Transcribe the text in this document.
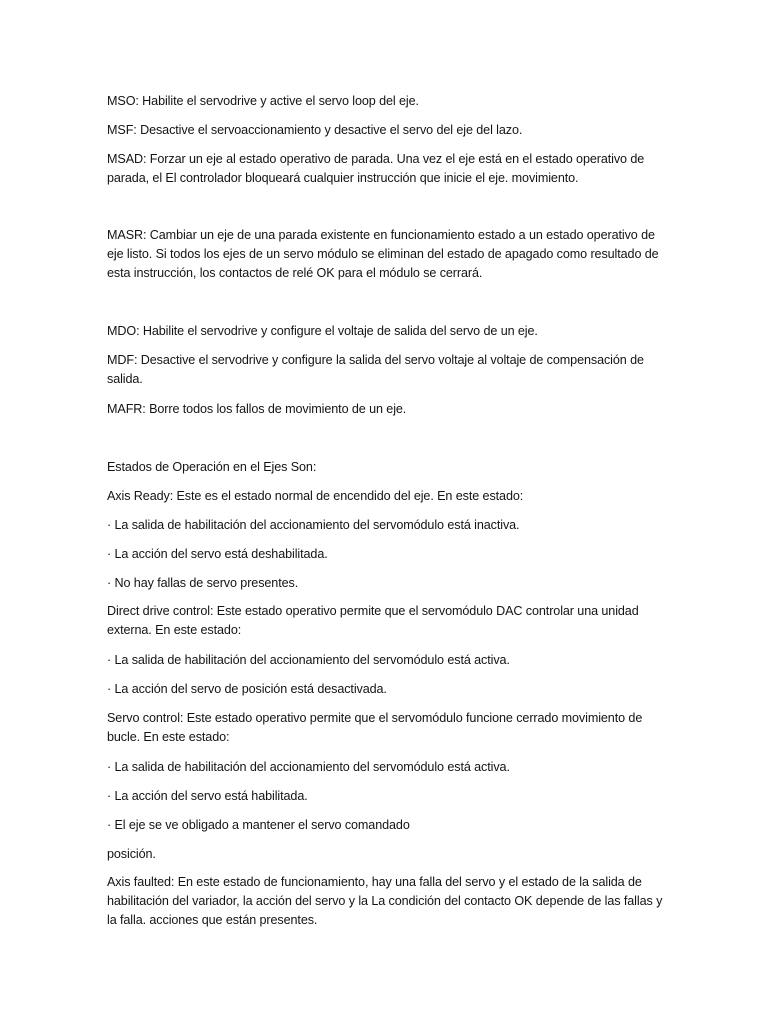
MSO: Habilite el servodrive y active el servo loop del eje.

MSF: Desactive el servoaccionamiento y desactive el servo del eje del lazo.

MSAD: Forzar un eje al estado operativo de parada. Una vez el eje está en el estado operativo de parada, el El controlador bloqueará cualquier instrucción que inicie el eje. movimiento.

MASR: Cambiar un eje de una parada existente en funcionamiento estado a un estado operativo de eje listo. Si todos los ejes de un servo módulo se eliminan del estado de apagado como resultado de esta instrucción, los contactos de relé OK para el módulo se cerrará.

MDO: Habilite el servodrive y configure el voltaje de salida del servo de un eje.

MDF: Desactive el servodrive y configure la salida del servo voltaje al voltaje de compensación de salida.

MAFR: Borre todos los fallos de movimiento de un eje.

Estados de Operación en el Ejes Son:

Axis Ready: Este es el estado normal de encendido del eje. En este estado:

· La salida de habilitación del accionamiento del servomódulo está inactiva.

· La acción del servo está deshabilitada.

· No hay fallas de servo presentes.

Direct drive control: Este estado operativo permite que el servomódulo DAC controlar una unidad externa. En este estado:

· La salida de habilitación del accionamiento del servomódulo está activa.

· La acción del servo de posición está desactivada.

Servo control: Este estado operativo permite que el servomódulo funcione cerrado movimiento de bucle. En este estado:

· La salida de habilitación del accionamiento del servomódulo está activa.

· La acción del servo está habilitada.

· El eje se ve obligado a mantener el servo comandado

posición.

Axis faulted: En este estado de funcionamiento, hay una falla del servo y el estado de la salida de habilitación del variador, la acción del servo y la La condición del contacto OK depende de las fallas y la falla. acciones que están presentes.
